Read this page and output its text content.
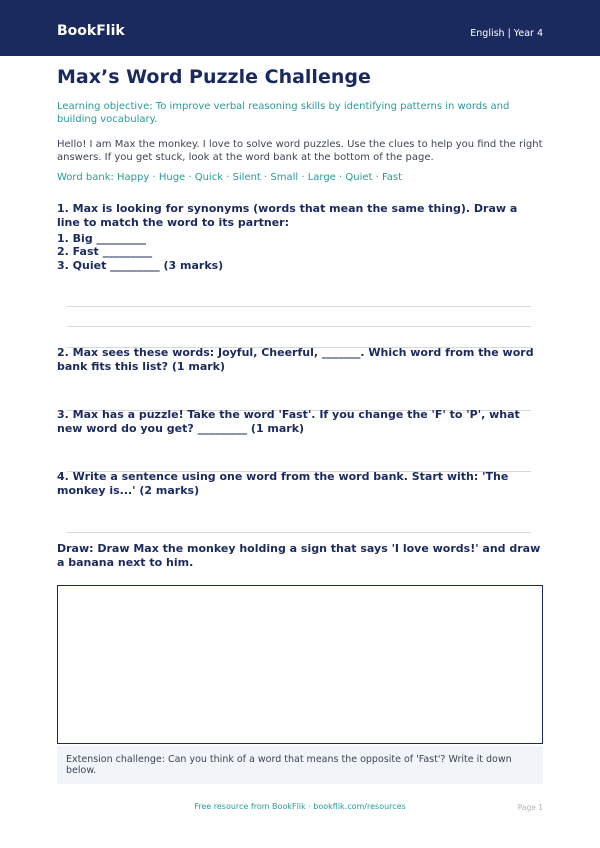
BookFlik	English | Year 4
Max’s Word Puzzle Challenge
Learning objective: To improve verbal reasoning skills by identifying patterns in words and building vocabulary.
Hello! I am Max the monkey. I love to solve word puzzles. Use the clues to help you find the right answers. If you get stuck, look at the word bank at the bottom of the page.
Word bank: Happy · Huge · Quick · Silent · Small · Large · Quiet · Fast
1. Max is looking for synonyms (words that mean the same thing). Draw a line to match the word to its partner:
1. Big _________
2. Fast _________
3. Quiet _________ (3 marks)
2. Max sees these words: Joyful, Cheerful, _______. Which word from the word bank fits this list? (1 mark)
3. Max has a puzzle! Take the word 'Fast'. If you change the 'F' to 'P', what new word do you get? _________ (1 mark)
4. Write a sentence using one word from the word bank. Start with: 'The monkey is...' (2 marks)
Draw: Draw Max the monkey holding a sign that says 'I love words!' and draw a banana next to him.
Extension challenge: Can you think of a word that means the opposite of 'Fast'? Write it down below.
Free resource from BookFlik · bookflik.com/resources	Page 1
